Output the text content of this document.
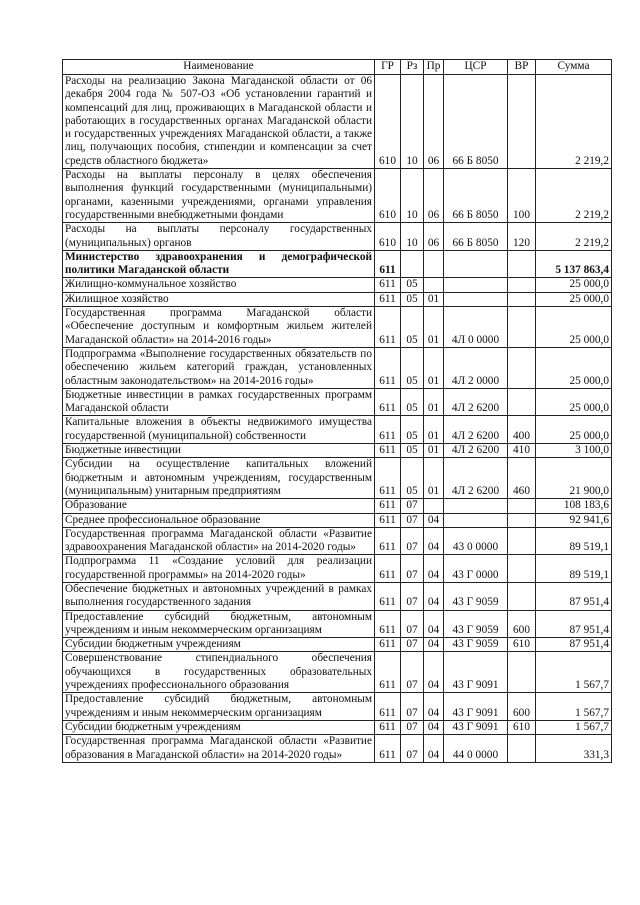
Наименование	ГР	Рз	Пр	ЦСР	ВР	Сумма
Расходы на реализацию Закона Магаданской области от 06 декабря 2004 года № 507-ОЗ «Об установлении гарантий и компенсаций для лиц, проживающих в Магаданской области и работающих в государственных органах Магаданской области и государственных учреждениях Магаданской области, а также лиц, получающих пособия, стипендии и компенсации за счет средств областного бюджета»	610	10	06	66 Б 8050		2 219,2
Расходы на выплаты персоналу в целях обеспечения выполнения функций государственными (муниципальными) органами, казенными учреждениями, органами управления государственными внебюджетными фондами	610	10	06	66 Б 8050	100	2 219,2
Расходы на выплаты персоналу государственных (муниципальных) органов	610	10	06	66 Б 8050	120	2 219,2
Министерство здравоохранения и демографической политики Магаданской области	611					5 137 863,4
Жилищно-коммунальное хозяйство	611	05				25 000,0
Жилищное хозяйство	611	05	01			25 000,0
Государственная программа Магаданской области «Обеспечение доступным и комфортным жильем жителей Магаданской области» на 2014-2016 годы»	611	05	01	4Л 0 0000		25 000,0
Подпрограмма «Выполнение государственных обязательств по обеспечению жильем категорий граждан, установленных областным законодательством» на 2014-2016 годы»	611	05	01	4Л 2 0000		25 000,0
Бюджетные инвестиции в рамках государственных программ Магаданской области	611	05	01	4Л 2 6200		25 000,0
Капитальные вложения в объекты недвижимого имущества государственной (муниципальной) собственности	611	05	01	4Л 2 6200	400	25 000,0
Бюджетные инвестиции	611	05	01	4Л 2 6200	410	3 100,0
Субсидии на осуществление капитальных вложений бюджетным и автономным учреждениям, государственным (муниципальным) унитарным предприятиям	611	05	01	4Л 2 6200	460	21 900,0
Образование	611	07				108 183,6
Среднее профессиональное образование	611	07	04			92 941,6
Государственная программа Магаданской области «Развитие здравоохранения Магаданской области» на 2014-2020 годы»	611	07	04	43 0 0000		89 519,1
Подпрограмма 11 «Создание условий для реализации государственной программы» на 2014-2020 годы»	611	07	04	43 Г 0000		89 519,1
Обеспечение бюджетных и автономных учреждений в рамках выполнения государственного задания	611	07	04	43 Г 9059		87 951,4
Предоставление субсидий бюджетным, автономным учреждениям и иным некоммерческим организациям	611	07	04	43 Г 9059	600	87 951,4
Субсидии бюджетным учреждениям	611	07	04	43 Г 9059	610	87 951,4
Совершенствование стипендиального обеспечения обучающихся в государственных образовательных учреждениях профессионального образования	611	07	04	43 Г 9091		1 567,7
Предоставление субсидий бюджетным, автономным учреждениям и иным некоммерческим организациям	611	07	04	43 Г 9091	600	1 567,7
Субсидии бюджетным учреждениям	611	07	04	43 Г 9091	610	1 567,7
Государственная программа Магаданской области «Развитие образования в Магаданской области» на 2014-2020 годы»	611	07	04	44 0 0000		331,3
